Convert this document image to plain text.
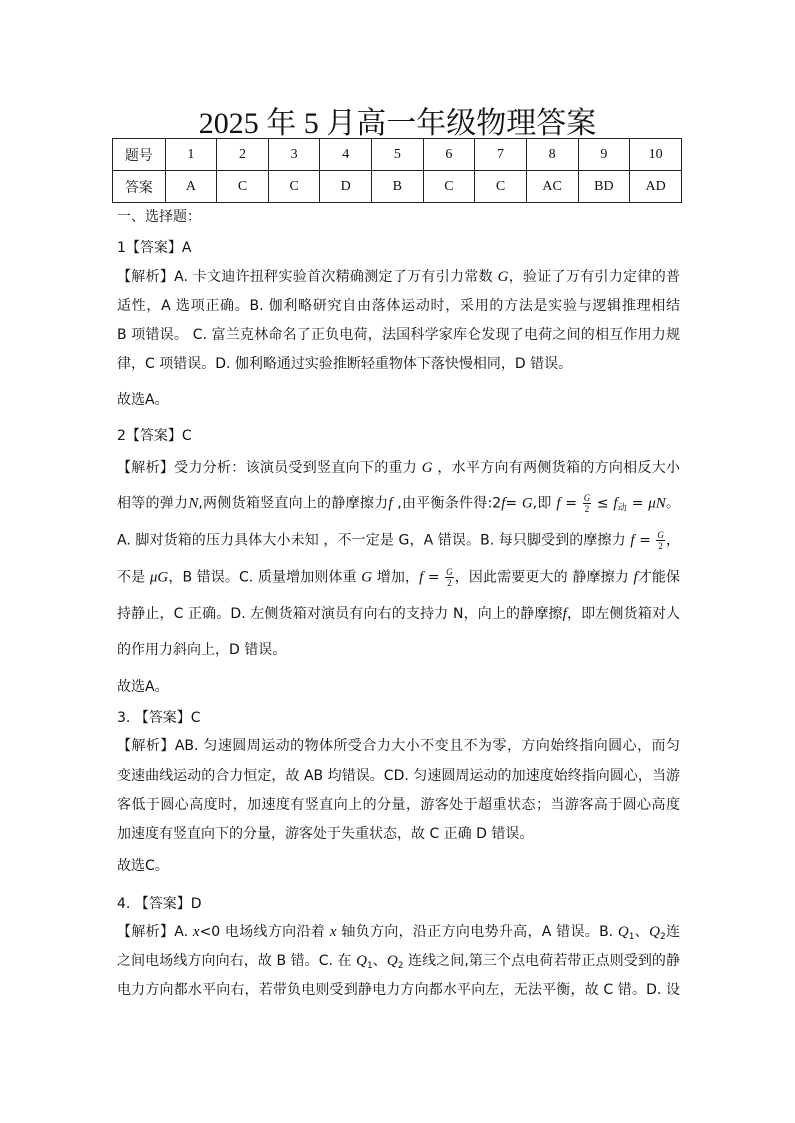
2025 年 5 月高一年级物理答案
题号	1	2	3	4	5	6	7	8	9	10
答案	A	C	C	D	B	C	C	AC	BD	AD
一、选择题：
1【答案】A
【解析】A. 卡文迪许扭秤实验首次精确测定了万有引力常数 G，验证了万有引力定律的普
适性，A 选项正确。B. 伽利略研究自由落体运动时，采用的方法是实验与逻辑推理相结
B 项错误。 C. 富兰克林命名了正负电荷，法国科学家库仑发现了电荷之间的相互作用力规
律，C 项错误。D. 伽利略通过实验推断轻重物体下落快慢相同，D 错误。
故选A。
2【答案】C
【解析】受力分析：该演员受到竖直向下的重力 G ，水平方向有两侧货箱的方向相反大小
相等的弹力N,两侧货箱竖直向上的静摩擦力f ,由平衡条件得:2f= G,即 $f = \frac{G}{2} \le f_动 = \mu N$。
A. 脚对货箱的压力具体大小未知 ，不一定是 G，A 错误。B. 每只脚受到的摩擦力 $f = \frac{G}{2}$ ，
不是 μG，B 错误。C. 质量增加则体重 G 增加，$f = \frac{G}{2}$ ，因此需要更大的 静摩擦力 f才能保
持静止，C 正确。D. 左侧货箱对演员有向右的支持力 N，向上的静摩擦f，即左侧货箱对人
的作用力斜向上，D 错误。
故选A。
3. 【答案】C
【解析】AB. 匀速圆周运动的物体所受合力大小不变且不为零，方向始终指向圆心，而匀
变速曲线运动的合力恒定，故 AB 均错误。CD. 匀速圆周运动的加速度始终指向圆心，当游
客低于圆心高度时，加速度有竖直向上的分量，游客处于超重状态；当游客高于圆心高度
加速度有竖直向下的分量，游客处于失重状态，故 C 正确 D 错误。
故选C。
4. 【答案】D
【解析】A. x<0 电场线方向沿着 x 轴负方向，沿正方向电势升高，A 错误。B. $Q_1$、$Q_2$连
之间电场线方向向右，故 B 错。C. 在 $Q_1$、$Q_2$ 连线之间,第三个点电荷若带正点则受到的静
电力方向都水平向右，若带负电则受到静电力方向都水平向左，无法平衡，故 C 错。D. 设
